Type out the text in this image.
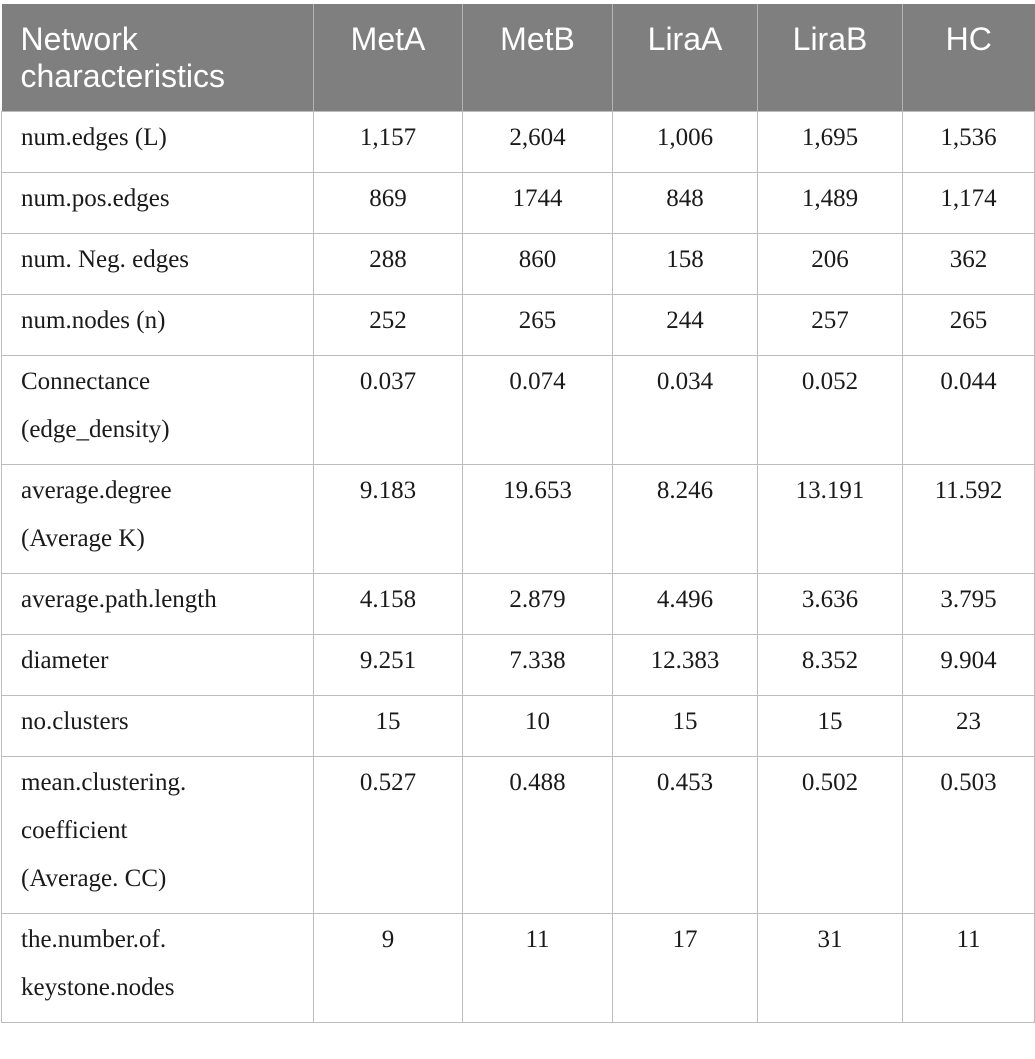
Network
characteristics	MetA	MetB	LiraA	LiraB	HC

num.edges (L)	1,157	2,604	1,006	1,695	1,536

num.pos.edges	869	1744	848	1,489	1,174

num. Neg. edges	288	860	158	206	362

num.nodes (n)	252	265	244	257	265

Connectance
(edge_density)	0.037	0.074	0.034	0.052	0.044

average.degree
(Average K)	9.183	19.653	8.246	13.191	11.592

average.path.length	4.158	2.879	4.496	3.636	3.795

diameter	9.251	7.338	12.383	8.352	9.904

no.clusters	15	10	15	15	23

mean.clustering.
coefficient
(Average. CC)	0.527	0.488	0.453	0.502	0.503

the.number.of.
keystone.nodes	9	11	17	31	11
